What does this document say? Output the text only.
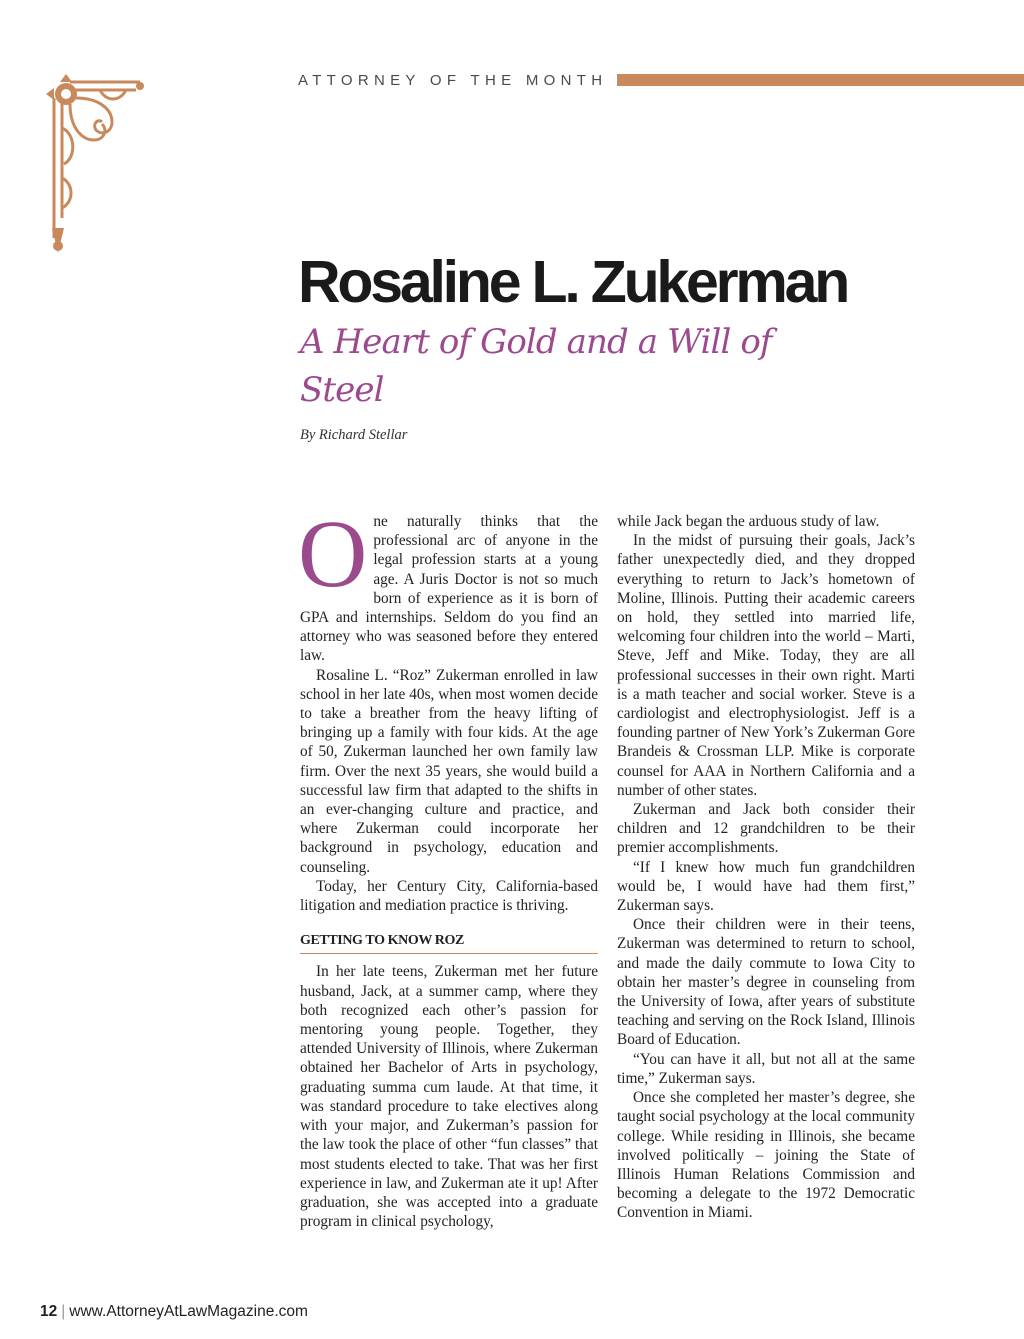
ATTORNEY OF THE MONTH
Rosaline L. Zukerman
A Heart of Gold and a Will of Steel
By Richard Stellar
O ne naturally thinks that the professional arc of anyone in the legal profession starts at a young age. A Juris Doctor is not so much born of experience as it is born of GPA and internships. Seldom do you find an attorney who was seasoned before they entered law.

Rosaline L. “Roz” Zukerman enrolled in law school in her late 40s, when most women decide to take a breather from the heavy lifting of bringing up a family with four kids. At the age of 50, Zukerman launched her own family law firm. Over the next 35 years, she would build a successful law firm that adapted to the shifts in an ever-changing culture and practice, and where Zukerman could incorporate her background in psychology, education and counseling.

Today, her Century City, California-based litigation and mediation practice is thriving.

GETTING TO KNOW ROZ

In her late teens, Zukerman met her future husband, Jack, at a summer camp, where they both recognized each other’s passion for mentoring young people. Together, they attended University of Illinois, where Zukerman obtained her Bachelor of Arts in psychology, graduating summa cum laude. At that time, it was standard procedure to take electives along with your major, and Zukerman’s passion for the law took the place of other “fun classes” that most students elected to take. That was her first experience in law, and Zukerman ate it up! After graduation, she was accepted into a graduate program in clinical psychology,

while Jack began the arduous study of law.

In the midst of pursuing their goals, Jack’s father unexpectedly died, and they dropped everything to return to Jack’s hometown of Moline, Illinois. Putting their academic careers on hold, they settled into married life, welcoming four children into the world – Marti, Steve, Jeff and Mike. Today, they are all professional successes in their own right. Marti is a math teacher and social worker. Steve is a cardiologist and electrophysiologist. Jeff is a founding partner of New York’s Zukerman Gore Brandeis & Crossman LLP. Mike is corporate counsel for AAA in Northern California and a number of other states.

Zukerman and Jack both consider their children and 12 grandchildren to be their premier accomplishments.

“If I knew how much fun grandchildren would be, I would have had them first,” Zukerman says.

Once their children were in their teens, Zukerman was determined to return to school, and made the daily commute to Iowa City to obtain her master’s degree in counseling from the University of Iowa, after years of substitute teaching and serving on the Rock Island, Illinois Board of Education.

“You can have it all, but not all at the same time,” Zukerman says.

Once she completed her master’s degree, she taught social psychology at the local community college. While residing in Illinois, she became involved politically – joining the State of Illinois Human Relations Commission and becoming a delegate to the 1972 Democratic Convention in Miami.

12 | www.AttorneyAtLawMagazine.com
